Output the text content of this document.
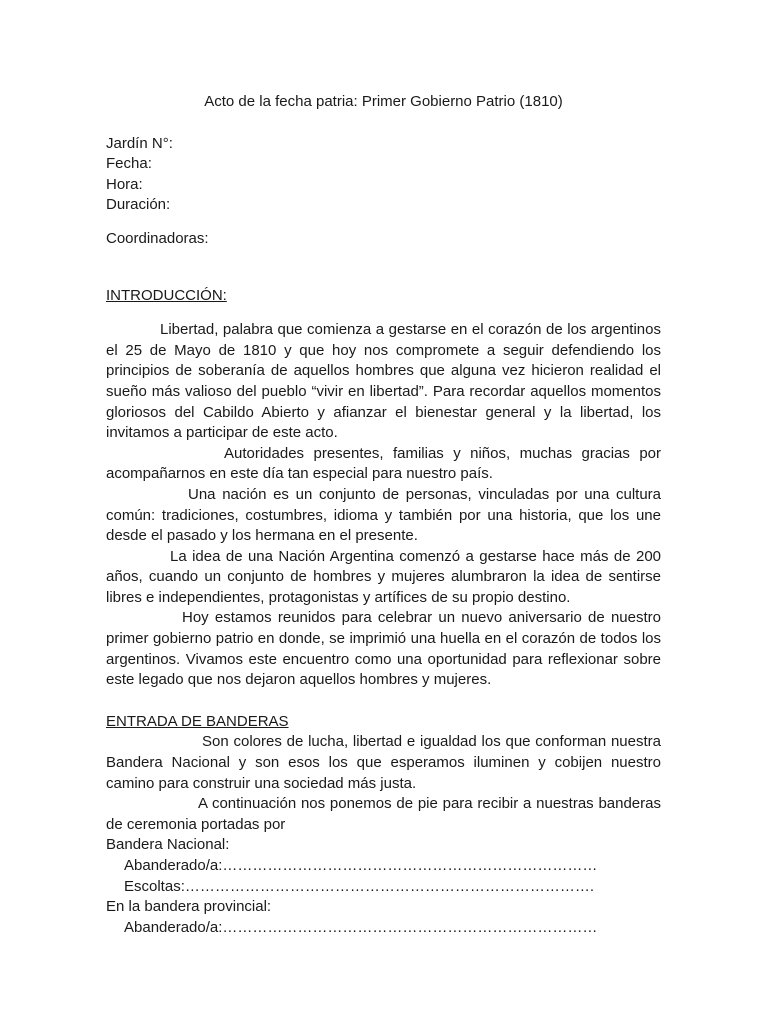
Acto de la fecha patria: Primer Gobierno Patrio (1810)
Jardín N°:
Fecha:
Hora:
Duración:
Coordinadoras:
INTRODUCCIÓN:

Libertad, palabra que comienza a gestarse en el corazón de los argentinos el 25 de Mayo de 1810 y que hoy nos compromete a seguir defendiendo los principios de soberanía de aquellos hombres que alguna vez hicieron realidad el sueño más valioso del pueblo “vivir en libertad”. Para recordar aquellos momentos gloriosos del Cabildo Abierto y afianzar el bienestar general y la libertad, los invitamos a participar de este acto.

Autoridades presentes, familias y niños, muchas gracias por acompañarnos en este día tan especial para nuestro país.

Una nación es un conjunto de personas, vinculadas por una cultura común: tradiciones, costumbres, idioma y también por una historia, que los une desde el pasado y los hermana en el presente.

La idea de una Nación Argentina comenzó a gestarse hace más de 200 años, cuando un conjunto de hombres y mujeres alumbraron la idea de sentirse libres e independientes, protagonistas y artífices de su propio destino.

Hoy estamos reunidos para celebrar un nuevo aniversario de nuestro primer gobierno patrio en donde, se imprimió una huella en el corazón de todos los argentinos. Vivamos este encuentro como una oportunidad para reflexionar sobre este legado que nos dejaron aquellos hombres y mujeres.

ENTRADA DE BANDERAS

Son colores de lucha, libertad e igualdad los que conforman nuestra Bandera Nacional y son esos los que esperamos iluminen y cobijen nuestro camino para construir una sociedad más justa.

A continuación nos ponemos de pie para recibir a nuestras banderas de ceremonia portadas por

Bandera Nacional:
Abanderado/a:…………………………………………………………………
Escoltas:……………………………………………………………………….
En la bandera provincial:
Abanderado/a:…………………………………………………………………
